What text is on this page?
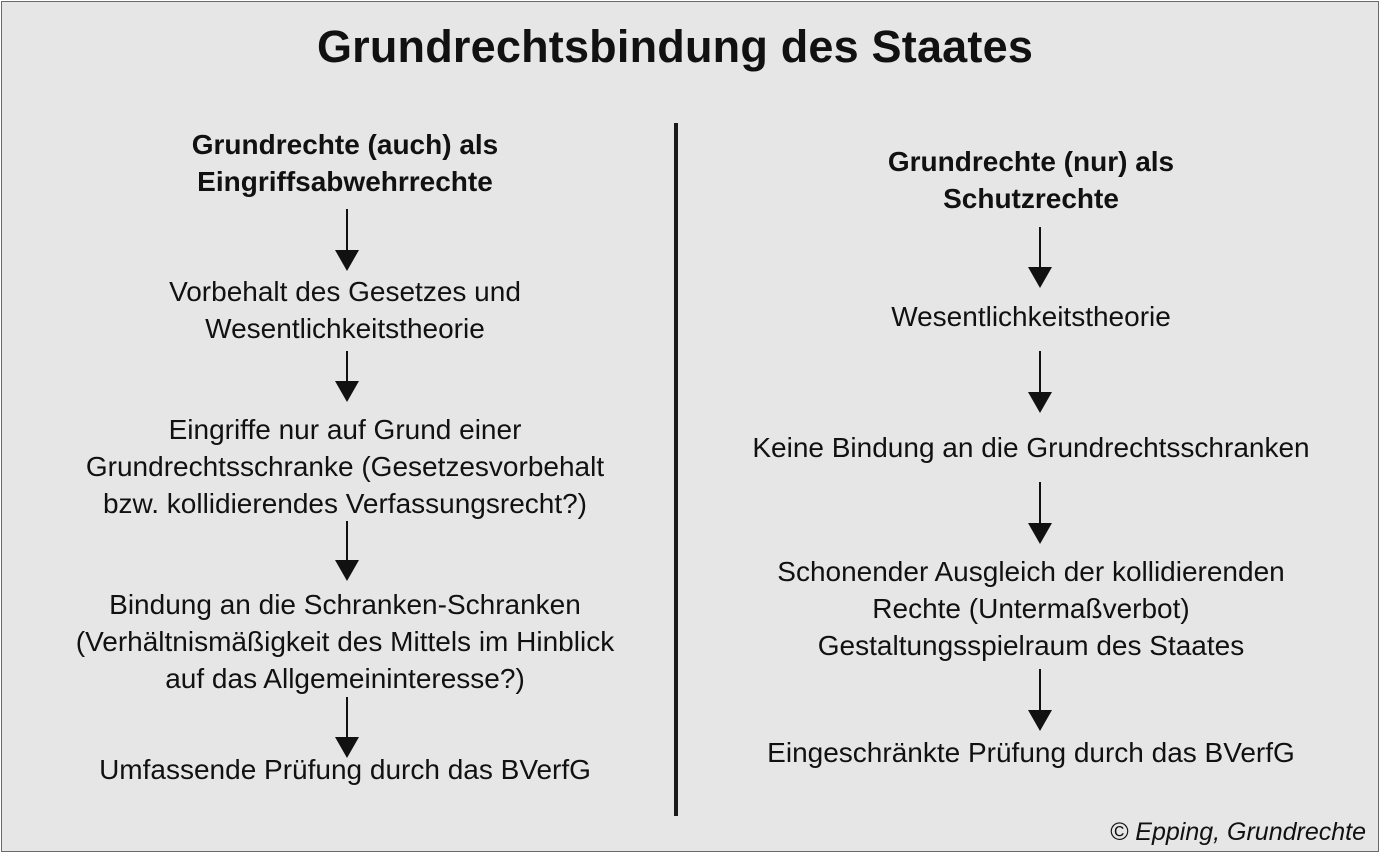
Grundrechtsbindung des Staates
Grundrechte (auch) als
Eingriffsabwehrrechte
Vorbehalt des Gesetzes und
Wesentlichkeitstheorie
Eingriffe nur auf Grund einer
Grundrechtsschranke (Gesetzesvorbehalt
bzw. kollidierendes Verfassungsrecht?)
Bindung an die Schranken-Schranken
(Verhältnismäßigkeit des Mittels im Hinblick
auf das Allgemeininteresse?)
Umfassende Prüfung durch das BVerfG
Grundrechte (nur) als
Schutzrechte
Wesentlichkeitstheorie
Keine Bindung an die Grundrechtsschranken
Schonender Ausgleich der kollidierenden
Rechte (Untermaßverbot)
Gestaltungsspielraum des Staates
Eingeschränkte Prüfung durch das BVerfG
© Epping, Grundrechte
